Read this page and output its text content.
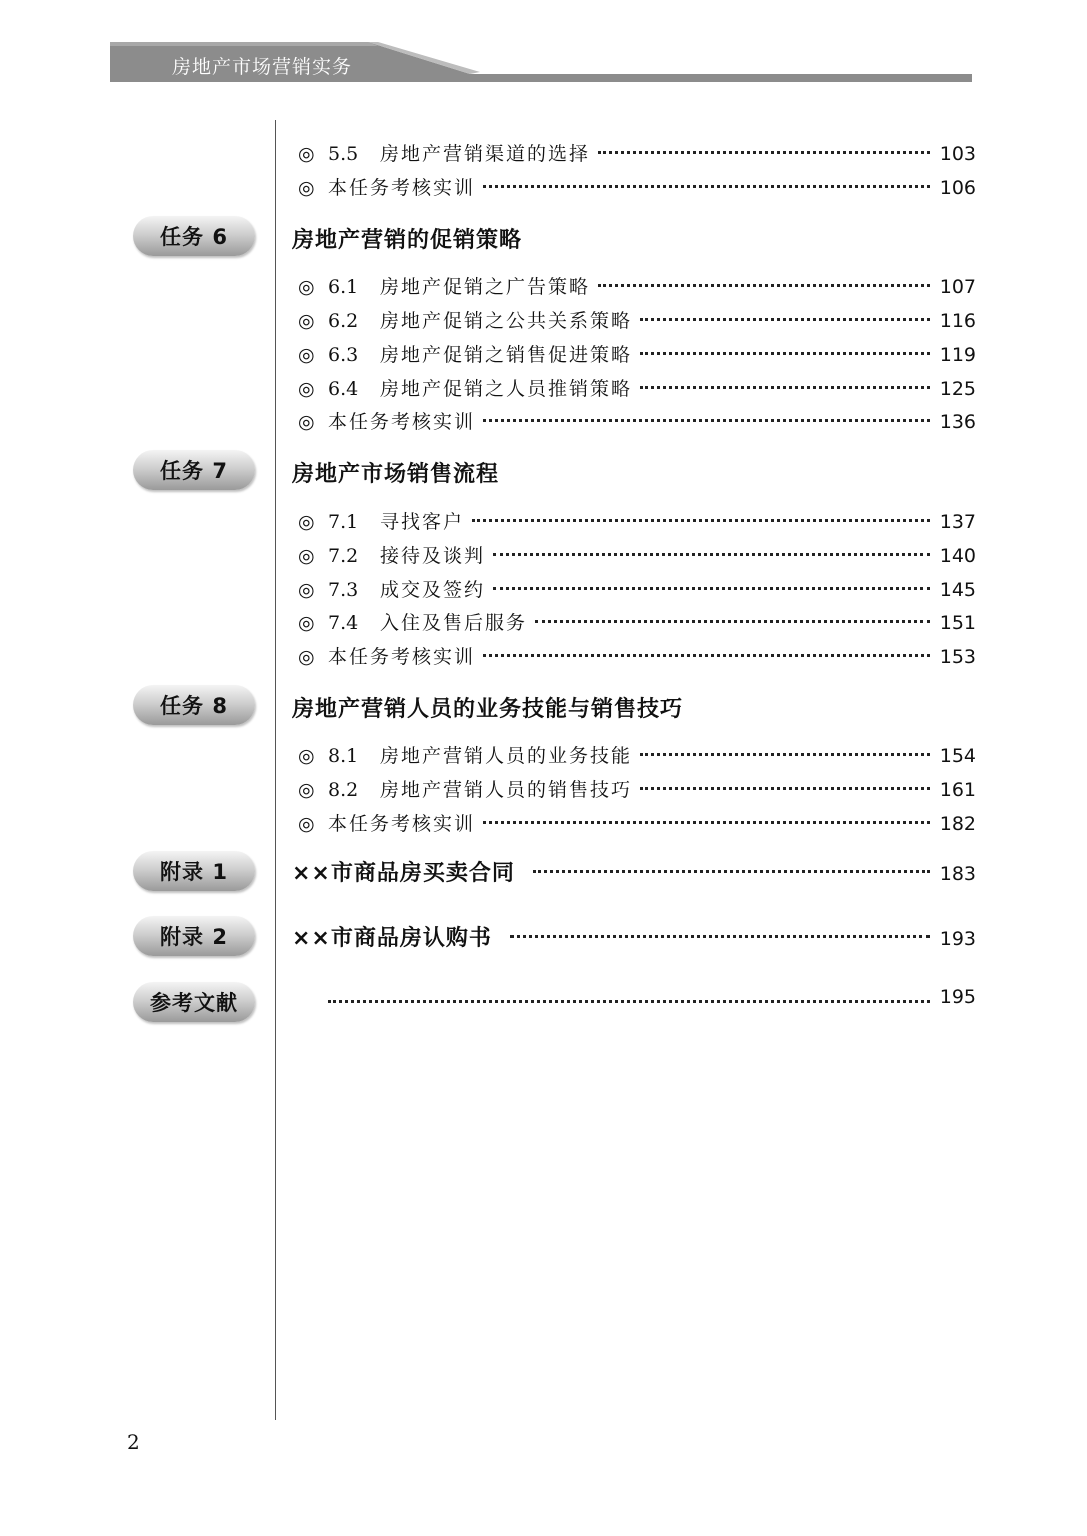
房地产市场营销实务
◎ 5.5	房地产营销渠道的选择	103
◎ 本任务考核实训	106
任务 6	房地产营销的促销策略
◎ 6.1	房地产促销之广告策略	107
◎ 6.2	房地产促销之公共关系策略	116
◎ 6.3	房地产促销之销售促进策略	119
◎ 6.4	房地产促销之人员推销策略	125
◎ 本任务考核实训	136
任务 7	房地产市场销售流程
◎ 7.1	寻找客户	137
◎ 7.2	接待及谈判	140
◎ 7.3	成交及签约	145
◎ 7.4	入住及售后服务	151
◎ 本任务考核实训	153
任务 8	房地产营销人员的业务技能与销售技巧
◎ 8.1	房地产营销人员的业务技能	154
◎ 8.2	房地产营销人员的销售技巧	161
◎ 本任务考核实训	182
附录 1	××市商品房买卖合同	183
附录 2	××市商品房认购书	193
参考文献	195
2
